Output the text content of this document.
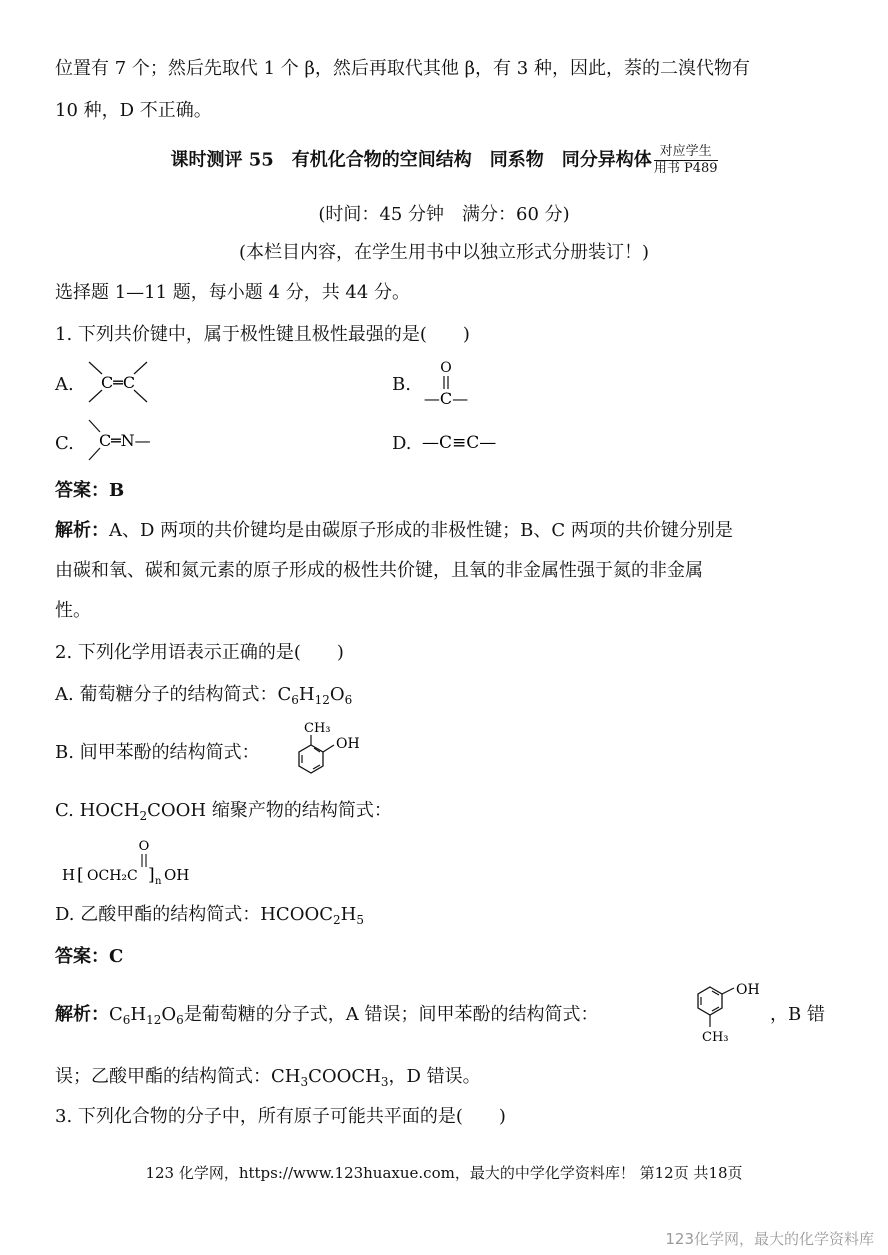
位置有 7 个；然后先取代 1 个 β，然后再取代其他 β，有 3 种，因此，萘的二溴代物有
10 种，D 不正确。
课时测评 55　有机化合物的空间结构　同系物　同分异构体 $\frac{\text{对应学生}}{\text{用书 P489}}$
(时间：45 分钟　满分：60 分)
(本栏目内容，在学生用书中以独立形式分册装订！)
选择题 1—11 题，每小题 4 分，共 44 分。
1. 下列共价键中，属于极性键且极性最强的是(　　)
A. C═C	B.
O
—C—
C. C ═N—	D. —C≡C—
答案：B
解析：A、D 两项的共价键均是由碳原子形成的非极性键；B、C 两项的共价键分别是
由碳和氧、碳和氮元素的原子形成的极性共价键，且氧的非金属性强于氮的非金属
性。
2. 下列化学用语表示正确的是(　　)
A. 葡萄糖分子的结构简式：$C_6H_{12}O_6$
B. 间甲苯酚的结构简式：
CH₃
OH
C. $HOCH_2COOH$ 缩聚产物的结构简式：
O
H [ OCH₂C ] n OH
D. 乙酸甲酯的结构简式：$HCOOC_2H_5$
答案：C
解析：$C_6H_{12}O_6$是葡萄糖的分子式，A 错误；间甲苯酚的结构简式：
OH
CH₃
，B 错
误；乙酸甲酯的结构简式：$CH_3COOCH_3$，D 错误。
3. 下列化合物的分子中，所有原子可能共平面的是(　　)
123 化学网，https://www.123huaxue.com，最大的中学化学资料库！ 第12页 共18页
123化学网，最大的化学资料库
